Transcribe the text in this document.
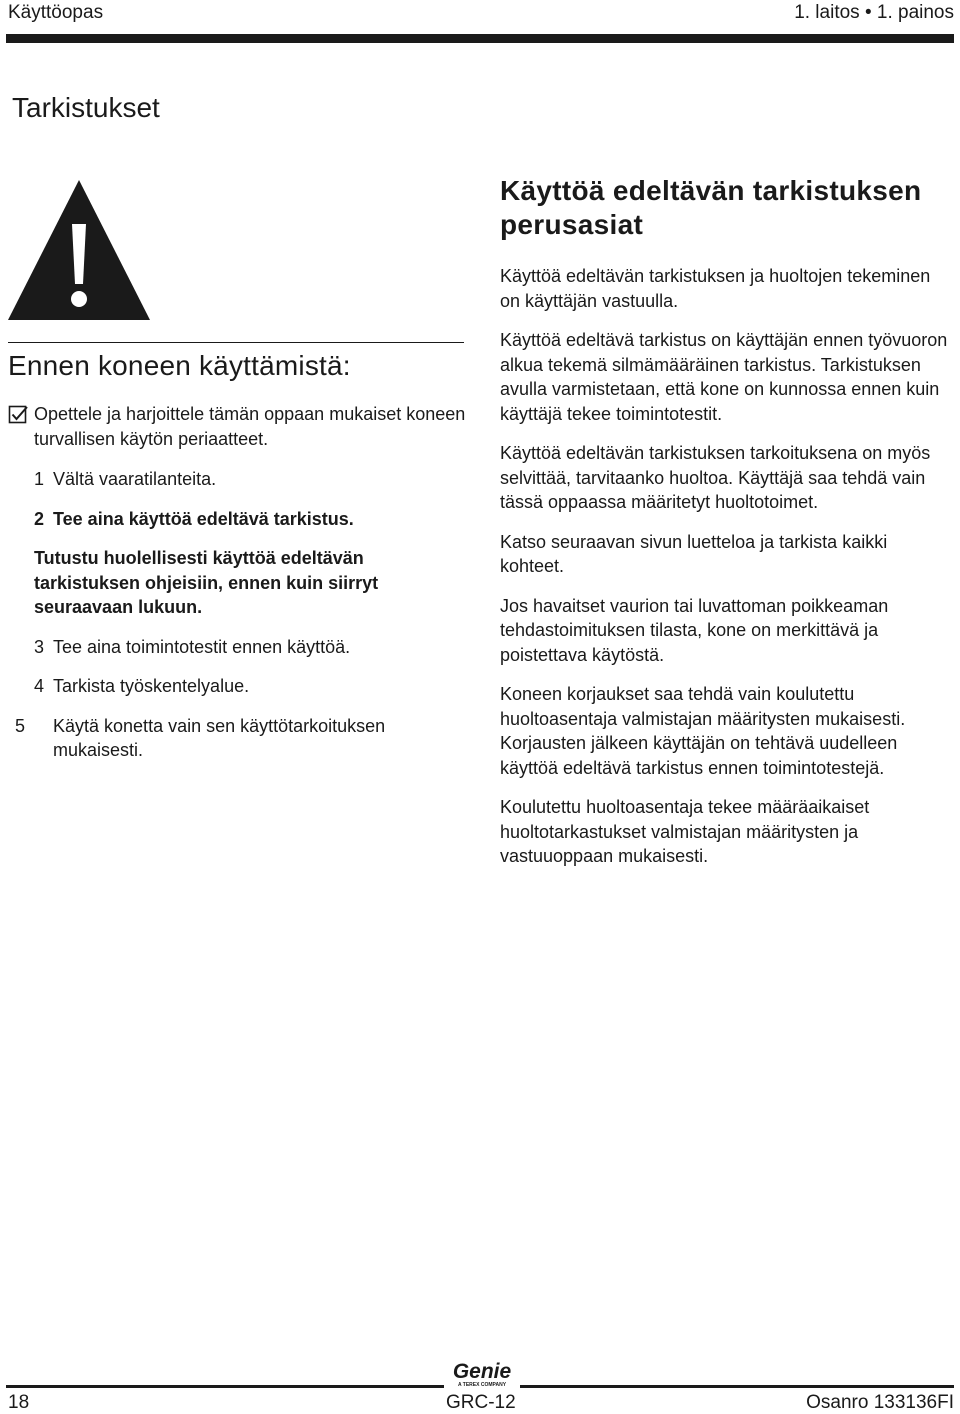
Käyttöopas	1. laitos • 1. painos
Tarkistukset
Ennen koneen käyttämistä:
Opettele ja harjoittele tämän oppaan mukaiset koneen turvallisen käytön periaatteet.
1 Vältä vaaratilanteita.
2 Tee aina käyttöä edeltävä tarkistus.
Tutustu huolellisesti käyttöä edeltävän tarkistuksen ohjeisiin, ennen kuin siirryt seuraavaan lukuun.
3 Tee aina toimintotestit ennen käyttöä.
4 Tarkista työskentelyalue.
5 Käytä konetta vain sen käyttötarkoituksen mukaisesti.
Käyttöä edeltävän tarkistuksen perusasiat

Käyttöä edeltävän tarkistuksen ja huoltojen tekeminen on käyttäjän vastuulla.

Käyttöä edeltävä tarkistus on käyttäjän ennen työvuoron alkua tekemä silmämääräinen tarkistus. Tarkistuksen avulla varmistetaan, että kone on kunnossa ennen kuin käyttäjä tekee toimintotestit.

Käyttöä edeltävän tarkistuksen tarkoituksena on myös selvittää, tarvitaanko huoltoa. Käyttäjä saa tehdä vain tässä oppaassa määritetyt huoltotoimet.

Katso seuraavan sivun luetteloa ja tarkista kaikki kohteet.

Jos havaitset vaurion tai luvattoman poikkeaman tehdastoimituksen tilasta, kone on merkittävä ja poistettava käytöstä.

Koneen korjaukset saa tehdä vain koulutettu huoltoasentaja valmistajan määritysten mukaisesti. Korjausten jälkeen käyttäjän on tehtävä uudelleen käyttöä edeltävä tarkistus ennen toimintotestejä.

Koulutettu huoltoasentaja tekee määräaikaiset huoltotarkastukset valmistajan määritysten ja vastuuoppaan mukaisesti.

Genie
A TEREX COMPANY
18	GRC-12	Osanro 133136FI
